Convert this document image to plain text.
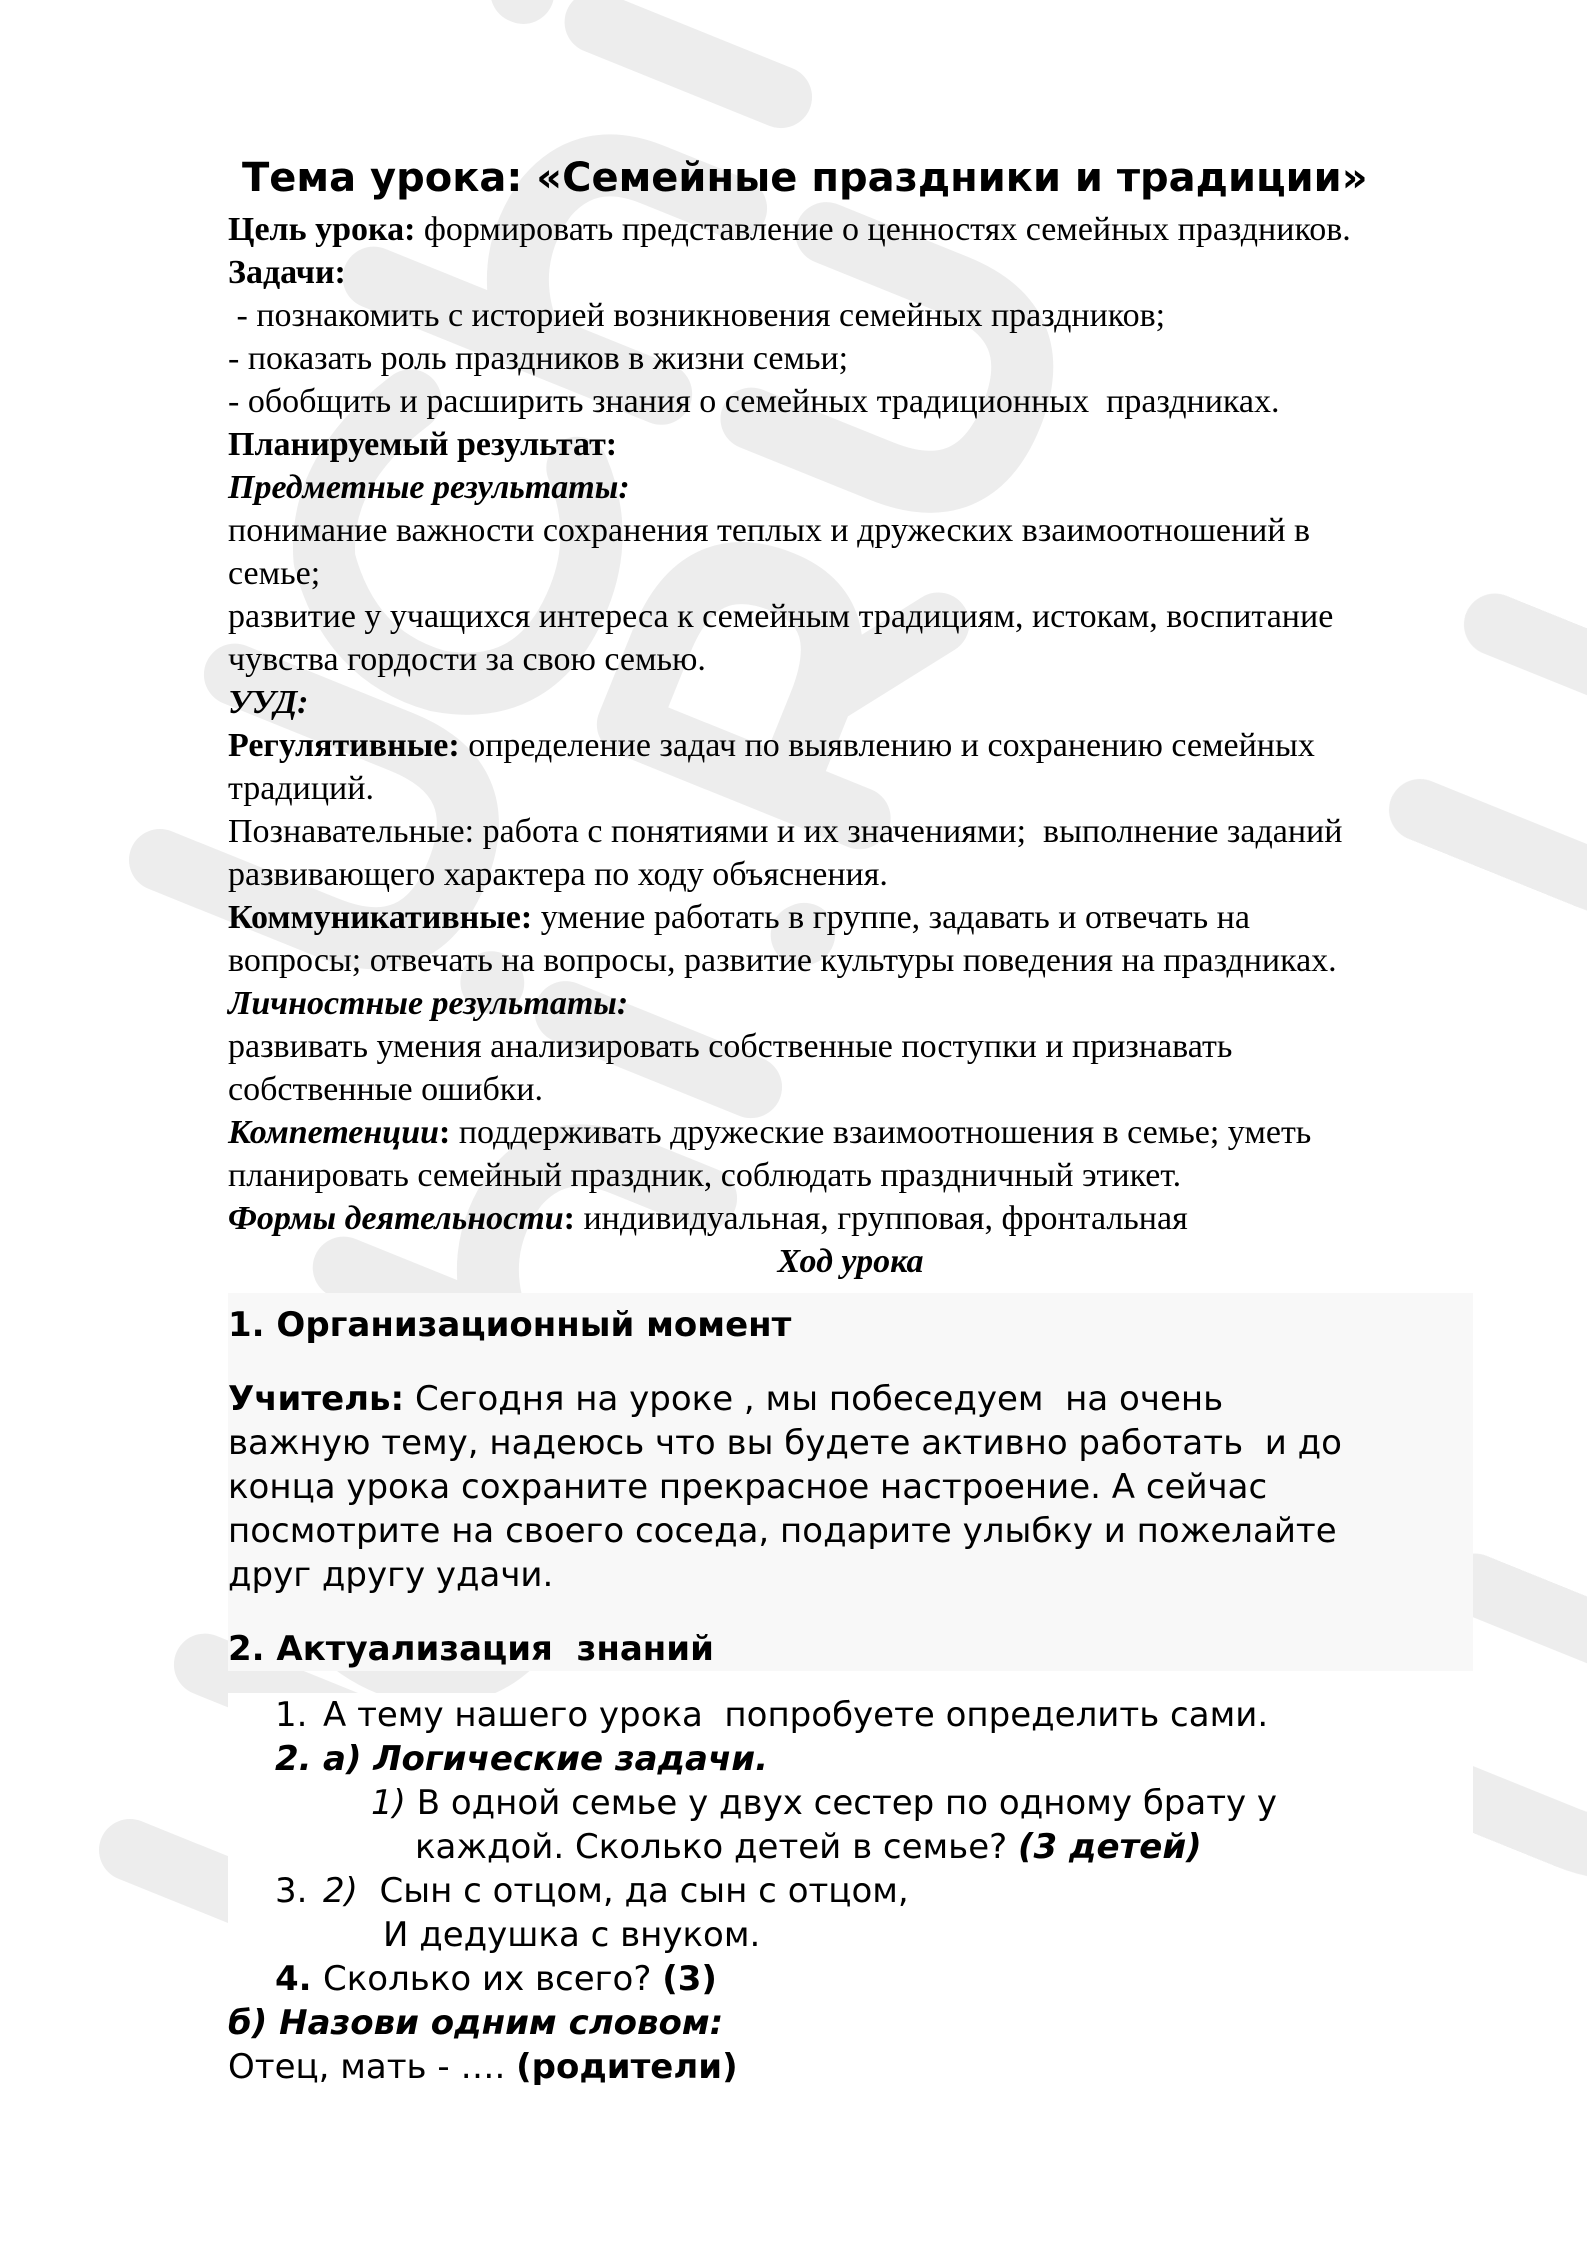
Тема урока: «Семейные праздники и традиции»

Цель урока: формировать представление о ценностях семейных праздников.

Задачи:

- познакомить с историей возникновения семейных праздников;

- показать роль праздников в жизни семьи;

- обобщить и расширить знания о семейных традиционных  праздниках.

Планируемый результат:

Предметные результаты:

понимание важности сохранения теплых и дружеских взаимоотношений в

семье;

развитие у учащихся интереса к семейным традициям, истокам, воспитание

чувства гордости за свою семью.

УУД:

Регулятивные: определение задач по выявлению и сохранению семейных

традиций.

Познавательные: работа с понятиями и их значениями;  выполнение заданий

развивающего характера по ходу объяснения.

Коммуникативные: умение работать в группе, задавать и отвечать на

вопросы; отвечать на вопросы, развитие культуры поведения на праздниках.

Личностные результаты:

развивать умения анализировать собственные поступки и признавать

собственные ошибки.

Компетенции: поддерживать дружеские взаимоотношения в семье; уметь

планировать семейный праздник, соблюдать праздничный этикет.

Формы деятельности: индивидуальная, групповая, фронтальная

Ход урока

1. Организационный момент

Учитель: Сегодня на уроке , мы побеседуем  на очень
важную тему, надеюсь что вы будете активно работать  и до
конца урока сохраните прекрасное настроение. А сейчас
посмотрите на своего соседа, подарите улыбку и пожелайте
друг другу удачи.

2. Актуализация  знаний

1. А тему нашего урока  попробуете определить сами.
2. а) Логические задачи.
1) В одной семье у двух сестер по одному брату у
каждой. Сколько детей в семье? (3 детей)
3. 2)  Сын с отцом, да сын с отцом,
И дедушка с внуком.
4. Сколько их всего? (3)
б) Назови одним словом:
Отец, мать - …. (родители)
